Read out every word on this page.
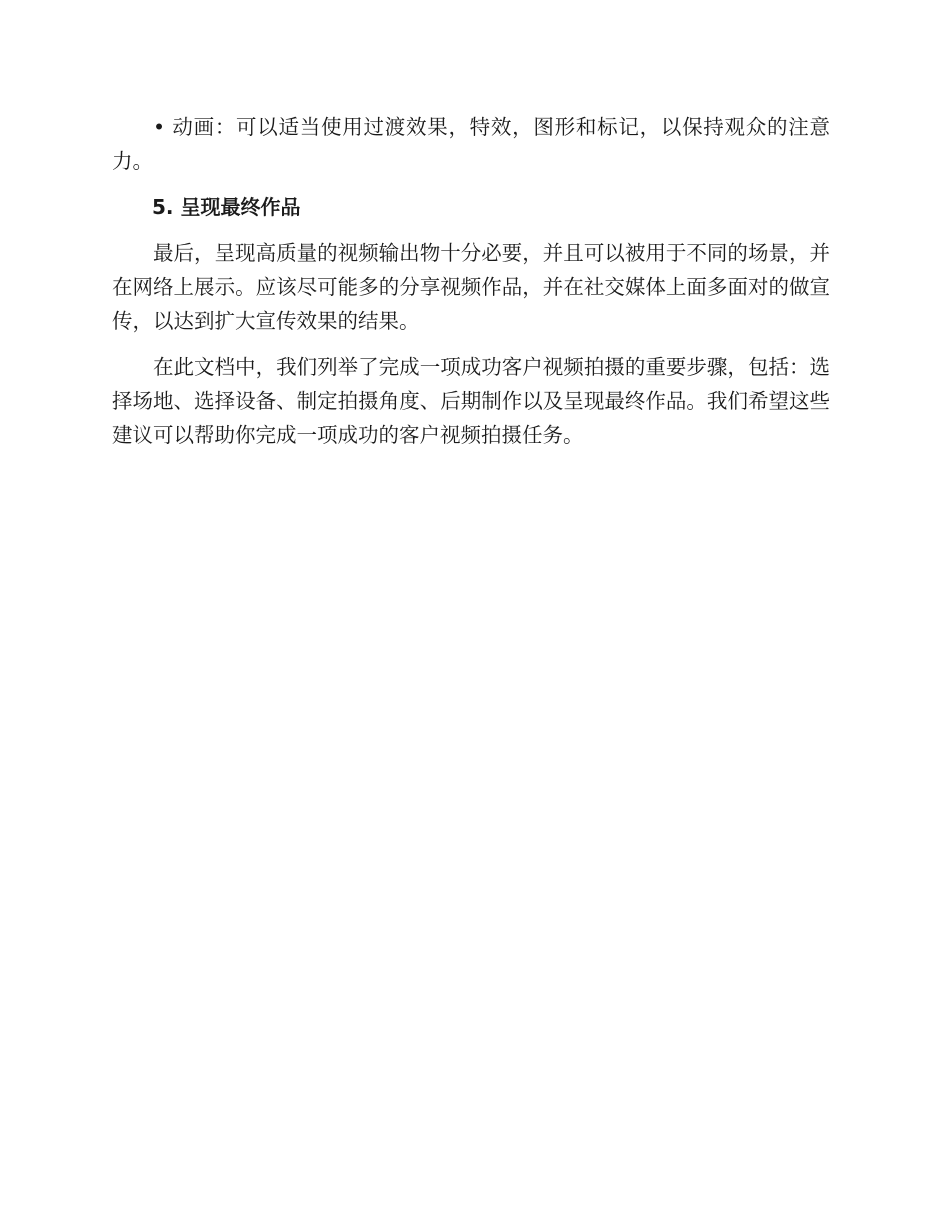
• 动画：可以适当使用过渡效果，特效，图形和标记，以保持观众的注意力。

5. 呈现最终作品

最后，呈现高质量的视频输出物十分必要，并且可以被用于不同的场景，并在网络上展示。应该尽可能多的分享视频作品，并在社交媒体上面多面对的做宣传，以达到扩大宣传效果的结果。

在此文档中，我们列举了完成一项成功客户视频拍摄的重要步骤，包括：选择场地、选择设备、制定拍摄角度、后期制作以及呈现最终作品。我们希望这些建议可以帮助你完成一项成功的客户视频拍摄任务。
